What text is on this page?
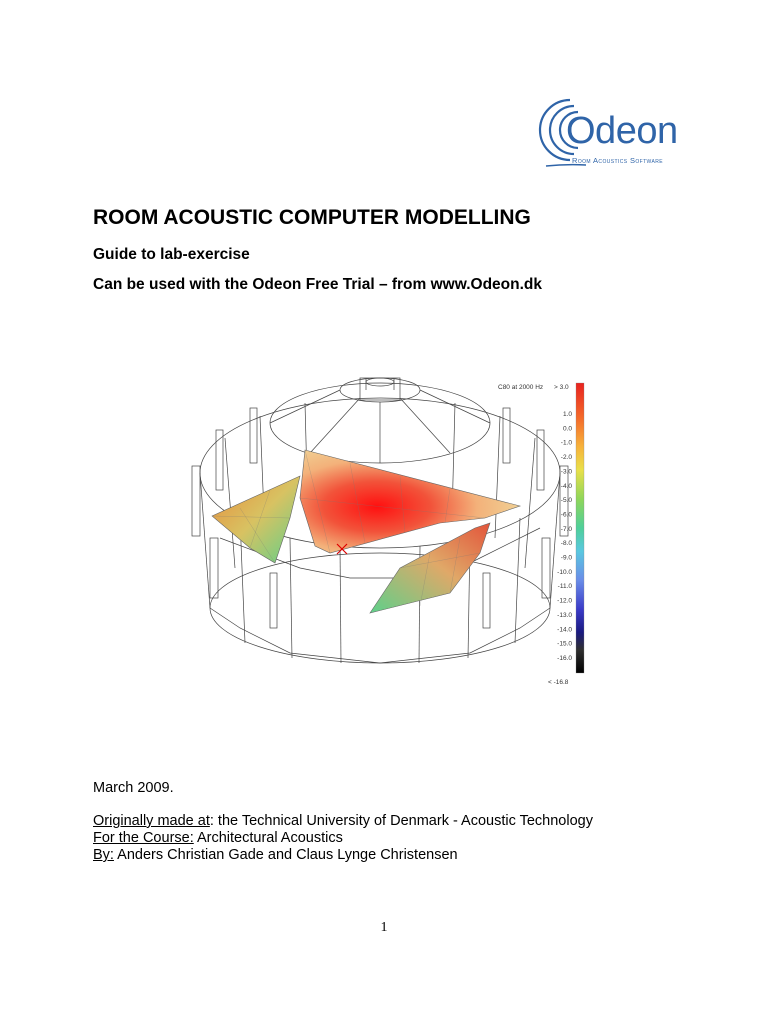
Odeon
Room Acoustics Software
ROOM ACOUSTIC COMPUTER MODELLING

Guide to lab-exercise

Can be used with the Odeon Free Trial – from www.Odeon.dk

C80 at 2000 Hz > 3.0
1.0
0.0
-1.0
-2.0
-3.0
-4.0
-5.0
-6.0
-7.0
-8.0
-9.0
-10.0
-11.0
-12.0
-13.0
-14.0
-15.0
-16.0
< -16.8

March 2009.

Originally made at: the Technical University of Denmark - Acoustic Technology

For the Course: Architectural Acoustics

By: Anders Christian Gade and Claus Lynge Christensen

1
